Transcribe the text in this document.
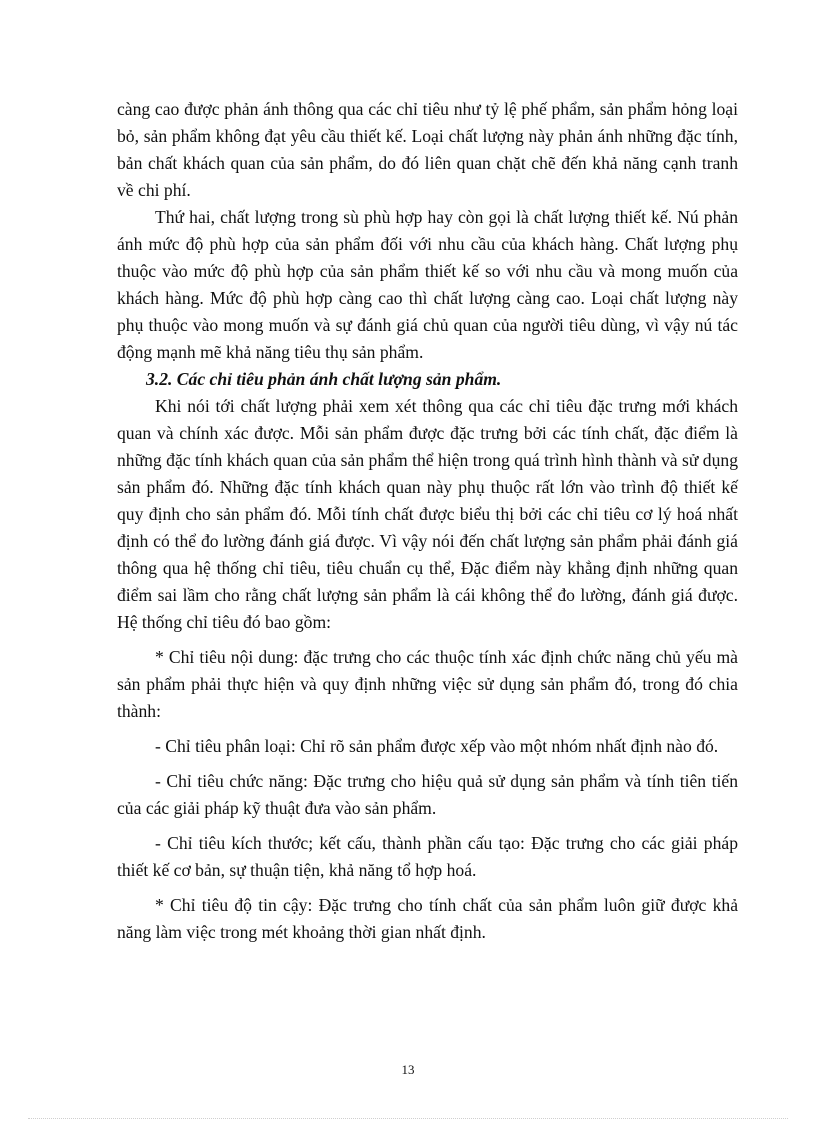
càng cao được phản ánh thông qua các chỉ tiêu như tỷ lệ phế phẩm, sản phẩm hỏng loại bỏ, sản phẩm không đạt yêu cầu thiết kế. Loại chất lượng này phản ánh những đặc tính, bản chất khách quan của sản phẩm, do đó liên quan chặt chẽ đến khả năng cạnh tranh về chi phí.

Thứ hai, chất lượng trong sù phù hợp hay còn gọi là chất lượng thiết kế. Nú phản ánh mức độ phù hợp của sản phẩm đối với nhu cầu của khách hàng. Chất lượng phụ thuộc vào mức độ phù hợp của sản phẩm thiết kế so với nhu cầu và mong muốn của khách hàng. Mức độ phù hợp càng cao thì chất lượng càng cao. Loại chất lượng này phụ thuộc vào mong muốn và sự đánh giá chủ quan của người tiêu dùng, vì vậy nú tác động mạnh mẽ khả năng tiêu thụ sản phẩm.

3.2. Các chỉ tiêu phản ánh chất lượng sản phẩm.

Khi nói tới chất lượng phải xem xét thông qua các chỉ tiêu đặc trưng mới khách quan và chính xác được. Mỗi sản phẩm được đặc trưng bởi các tính chất, đặc điểm là những đặc tính khách quan của sản phẩm thể hiện trong quá trình hình thành và sử dụng sản phẩm đó. Những đặc tính khách quan này phụ thuộc rất lớn vào trình độ thiết kế quy định cho sản phẩm đó. Mỗi tính chất được biểu thị bởi các chỉ tiêu cơ lý hoá nhất định có thể đo lường đánh giá được. Vì vậy nói đến chất lượng sản phẩm phải đánh giá thông qua hệ thống chỉ tiêu, tiêu chuẩn cụ thể, Đặc điểm này khẳng định những quan điểm sai lầm cho rằng chất lượng sản phẩm là cái không thể đo lường, đánh giá được. Hệ thống chỉ tiêu đó bao gồm:

* Chỉ tiêu nội dung: đặc trưng cho các thuộc tính xác định chức năng chủ yếu mà sản phẩm phải thực hiện và quy định những việc sử dụng sản phẩm đó, trong đó chia thành:

- Chỉ tiêu phân loại: Chỉ rõ sản phẩm được xếp vào một nhóm nhất định nào đó.

- Chỉ tiêu chức năng: Đặc trưng cho hiệu quả sử dụng sản phẩm và tính tiên tiến của các giải pháp kỹ thuật đưa vào sản phẩm.

- Chỉ tiêu kích thước; kết cấu, thành phần cấu tạo: Đặc trưng cho các giải pháp thiết kế cơ bản, sự thuận tiện, khả năng tổ hợp hoá.

* Chỉ tiêu độ tin cậy: Đặc trưng cho tính chất của sản phẩm luôn giữ được khả năng làm việc trong mét khoảng thời gian nhất định.

13
